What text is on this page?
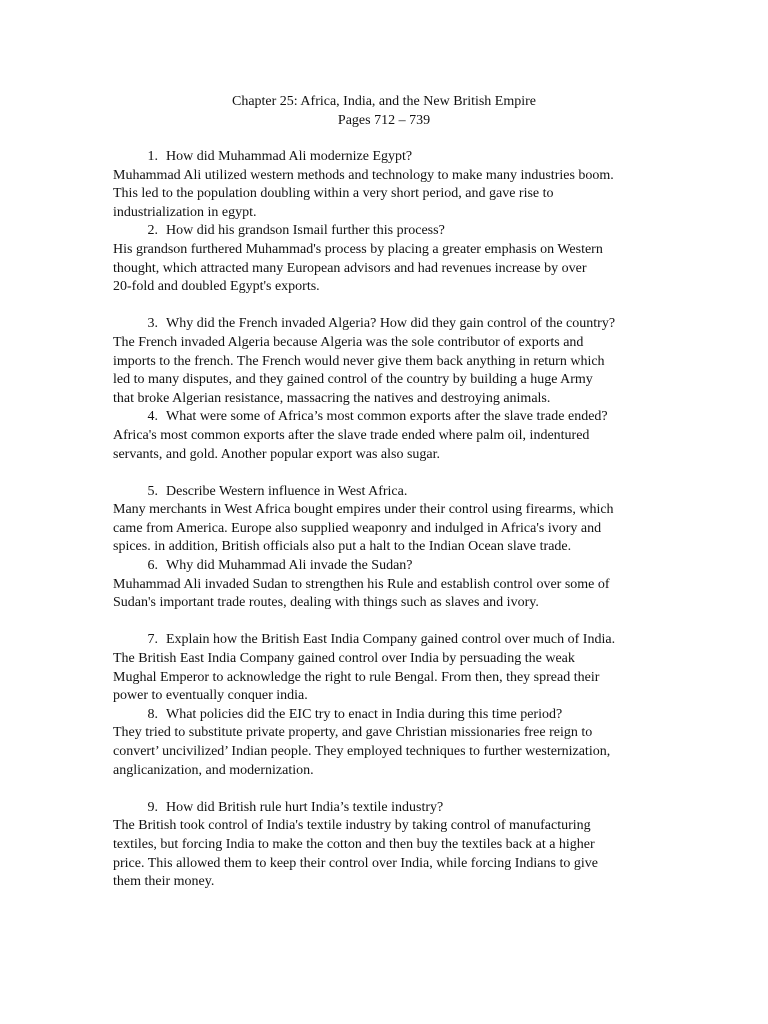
Chapter 25: Africa, India, and the New British Empire
Pages 712 – 739
1. How did Muhammad Ali modernize Egypt?

Muhammad Ali utilized western methods and technology to make many industries boom.
This led to the population doubling within a very short period, and gave rise to
industrialization in egypt.

2. How did his grandson Ismail further this process?

His grandson furthered Muhammad's process by placing a greater emphasis on Western
thought, which attracted many European advisors and had revenues increase by over
20-fold and doubled Egypt's exports.

3. Why did the French invaded Algeria? How did they gain control of the country?

The French invaded Algeria because Algeria was the sole contributor of exports and
imports to the french. The French would never give them back anything in return which
led to many disputes, and they gained control of the country by building a huge Army
that broke Algerian resistance, massacring the natives and destroying animals.

4. What were some of Africa’s most common exports after the slave trade ended?

Africa's most common exports after the slave trade ended where palm oil, indentured
servants, and gold. Another popular export was also sugar.

5. Describe Western influence in West Africa.

Many merchants in West Africa bought empires under their control using firearms, which
came from America. Europe also supplied weaponry and indulged in Africa's ivory and
spices. in addition, British officials also put a halt to the Indian Ocean slave trade.

6. Why did Muhammad Ali invade the Sudan?

Muhammad Ali invaded Sudan to strengthen his Rule and establish control over some of
Sudan's important trade routes, dealing with things such as slaves and ivory.

7. Explain how the British East India Company gained control over much of India.

The British East India Company gained control over India by persuading the weak
Mughal Emperor to acknowledge the right to rule Bengal. From then, they spread their
power to eventually conquer india.

8. What policies did the EIC try to enact in India during this time period?

They tried to substitute private property, and gave Christian missionaries free reign to
convert’ uncivilized’ Indian people. They employed techniques to further westernization,
anglicanization, and modernization.

9. How did British rule hurt India’s textile industry?

The British took control of India's textile industry by taking control of manufacturing
textiles, but forcing India to make the cotton and then buy the textiles back at a higher
price. This allowed them to keep their control over India, while forcing Indians to give
them their money.
